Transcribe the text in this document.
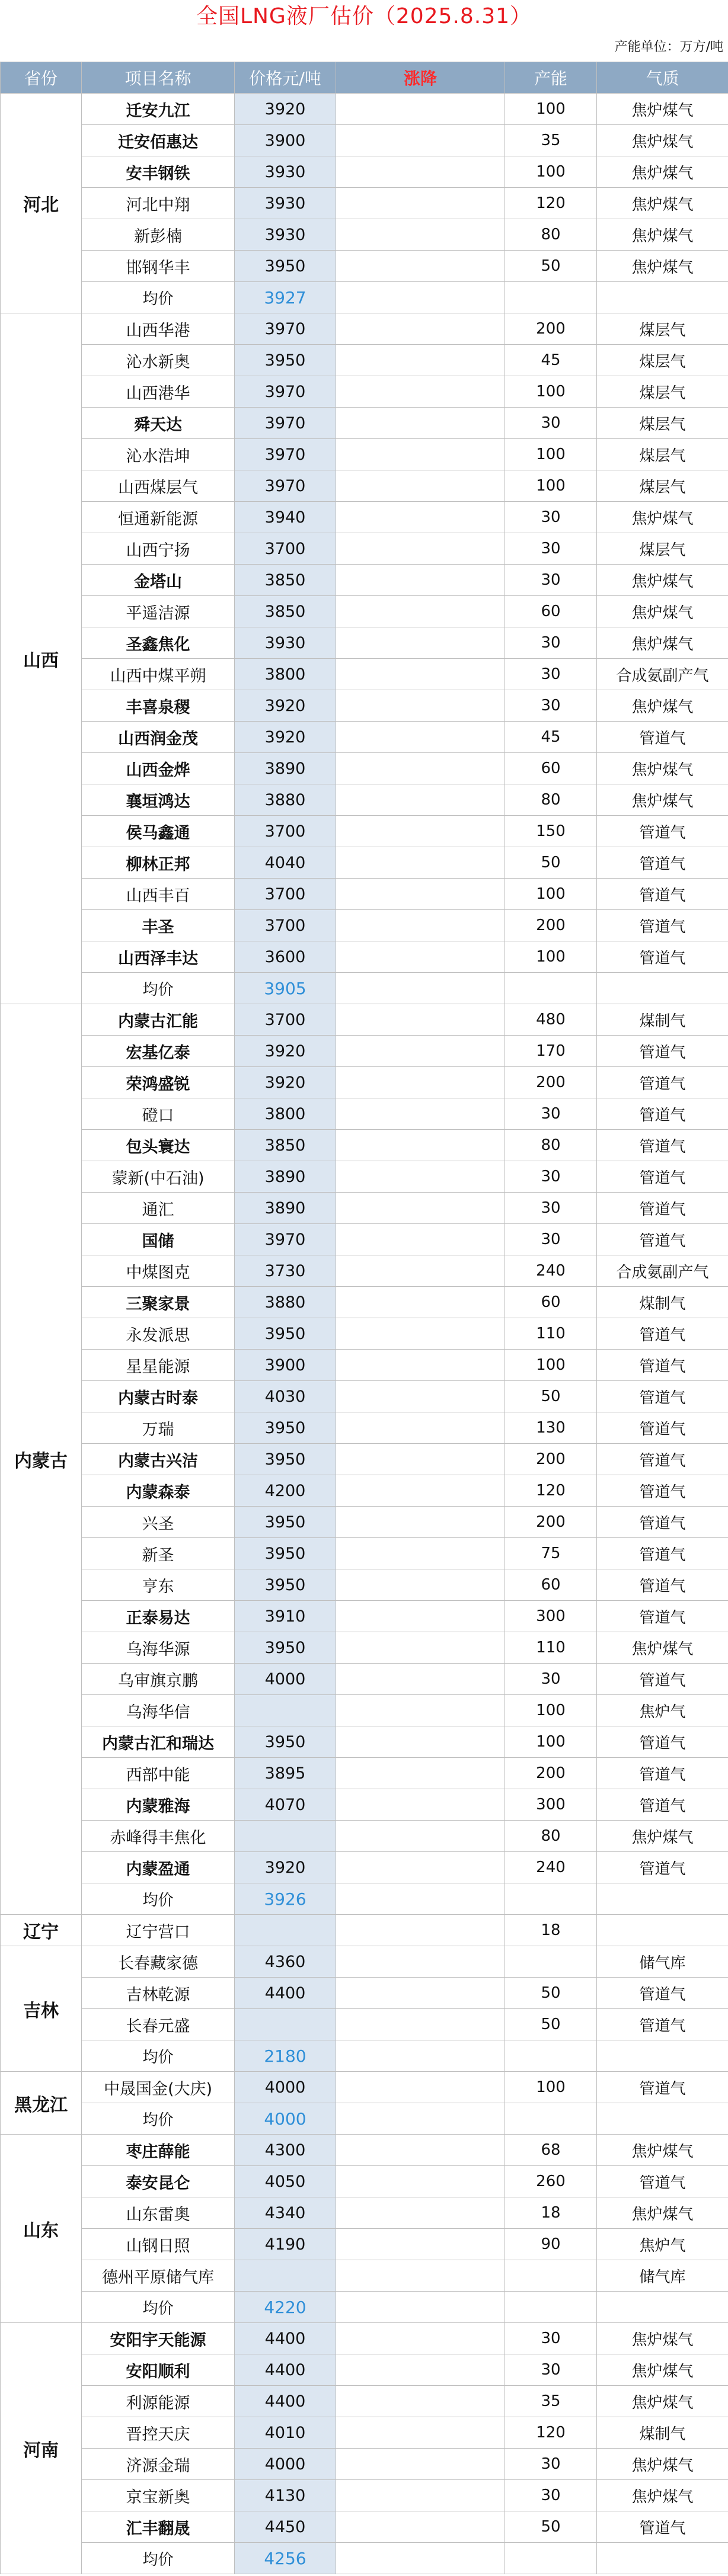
全国LNG液厂估价（2025.8.31）
产能单位：万方/吨
省份	项目名称	价格元/吨	涨降	产能	气质
河北	迁安九江	3920		100	焦炉煤气
	迁安佰惠达	3900		35	焦炉煤气
	安丰钢铁	3930		100	焦炉煤气
	河北中翔	3930		120	焦炉煤气
	新彭楠	3930		80	焦炉煤气
	邯钢华丰	3950		50	焦炉煤气
	均价	3927			
山西	山西华港	3970		200	煤层气
	沁水新奥	3950		45	煤层气
	山西港华	3970		100	煤层气
	舜天达	3970		30	煤层气
	沁水浩坤	3970		100	煤层气
	山西煤层气	3970		100	煤层气
	恒通新能源	3940		30	焦炉煤气
	山西宁扬	3700		30	煤层气
	金塔山	3850		30	焦炉煤气
	平遥洁源	3850		60	焦炉煤气
	圣鑫焦化	3930		30	焦炉煤气
	山西中煤平朔	3800		30	合成氨副产气
	丰喜泉稷	3920		30	焦炉煤气
	山西润金茂	3920		45	管道气
	山西金烨	3890		60	焦炉煤气
	襄垣鸿达	3880		80	焦炉煤气
	侯马鑫通	3700		150	管道气
	柳林正邦	4040		50	管道气
	山西丰百	3700		100	管道气
	丰圣	3700		200	管道气
	山西泽丰达	3600		100	管道气
	均价	3905			
内蒙古	内蒙古汇能	3700		480	煤制气
	宏基亿泰	3920		170	管道气
	荣鸿盛锐	3920		200	管道气
	磴口	3800		30	管道气
	包头寰达	3850		80	管道气
	蒙新(中石油)	3890		30	管道气
	通汇	3890		30	管道气
	国储	3970		30	管道气
	中煤图克	3730		240	合成氨副产气
	三聚家景	3880		60	煤制气
	永发派思	3950		110	管道气
	星星能源	3900		100	管道气
	内蒙古时泰	4030		50	管道气
	万瑞	3950		130	管道气
	内蒙古兴洁	3950		200	管道气
	内蒙森泰	4200		120	管道气
	兴圣	3950		200	管道气
	新圣	3950		75	管道气
	亨东	3950		60	管道气
	正泰易达	3910		300	管道气
	乌海华源	3950		110	焦炉煤气
	乌审旗京鹏	4000		30	管道气
	乌海华信			100	焦炉气
	内蒙古汇和瑞达	3950		100	管道气
	西部中能	3895		200	管道气
	内蒙雅海	4070		300	管道气
	赤峰得丰焦化			80	焦炉煤气
	内蒙盈通	3920		240	管道气
	均价	3926			
辽宁	辽宁营口			18	
吉林	长春藏家德	4360			储气库
	吉林乾源	4400		50	管道气
	长春元盛			50	管道气
	均价	2180			
黑龙江	中晟国金(大庆)	4000		100	管道气
	均价	4000			
山东	枣庄薛能	4300		68	焦炉煤气
	泰安昆仑	4050		260	管道气
	山东雷奥	4340		18	焦炉煤气
	山钢日照	4190		90	焦炉气
	德州平原储气库				储气库
	均价	4220			
河南	安阳宇天能源	4400		30	焦炉煤气
	安阳顺利	4400		30	焦炉煤气
	利源能源	4400		35	焦炉煤气
	晋控天庆	4010		120	煤制气
	济源金瑞	4000		30	焦炉煤气
	京宝新奥	4130		30	焦炉煤气
	汇丰翻晟	4450		50	管道气
	均价	4256			
